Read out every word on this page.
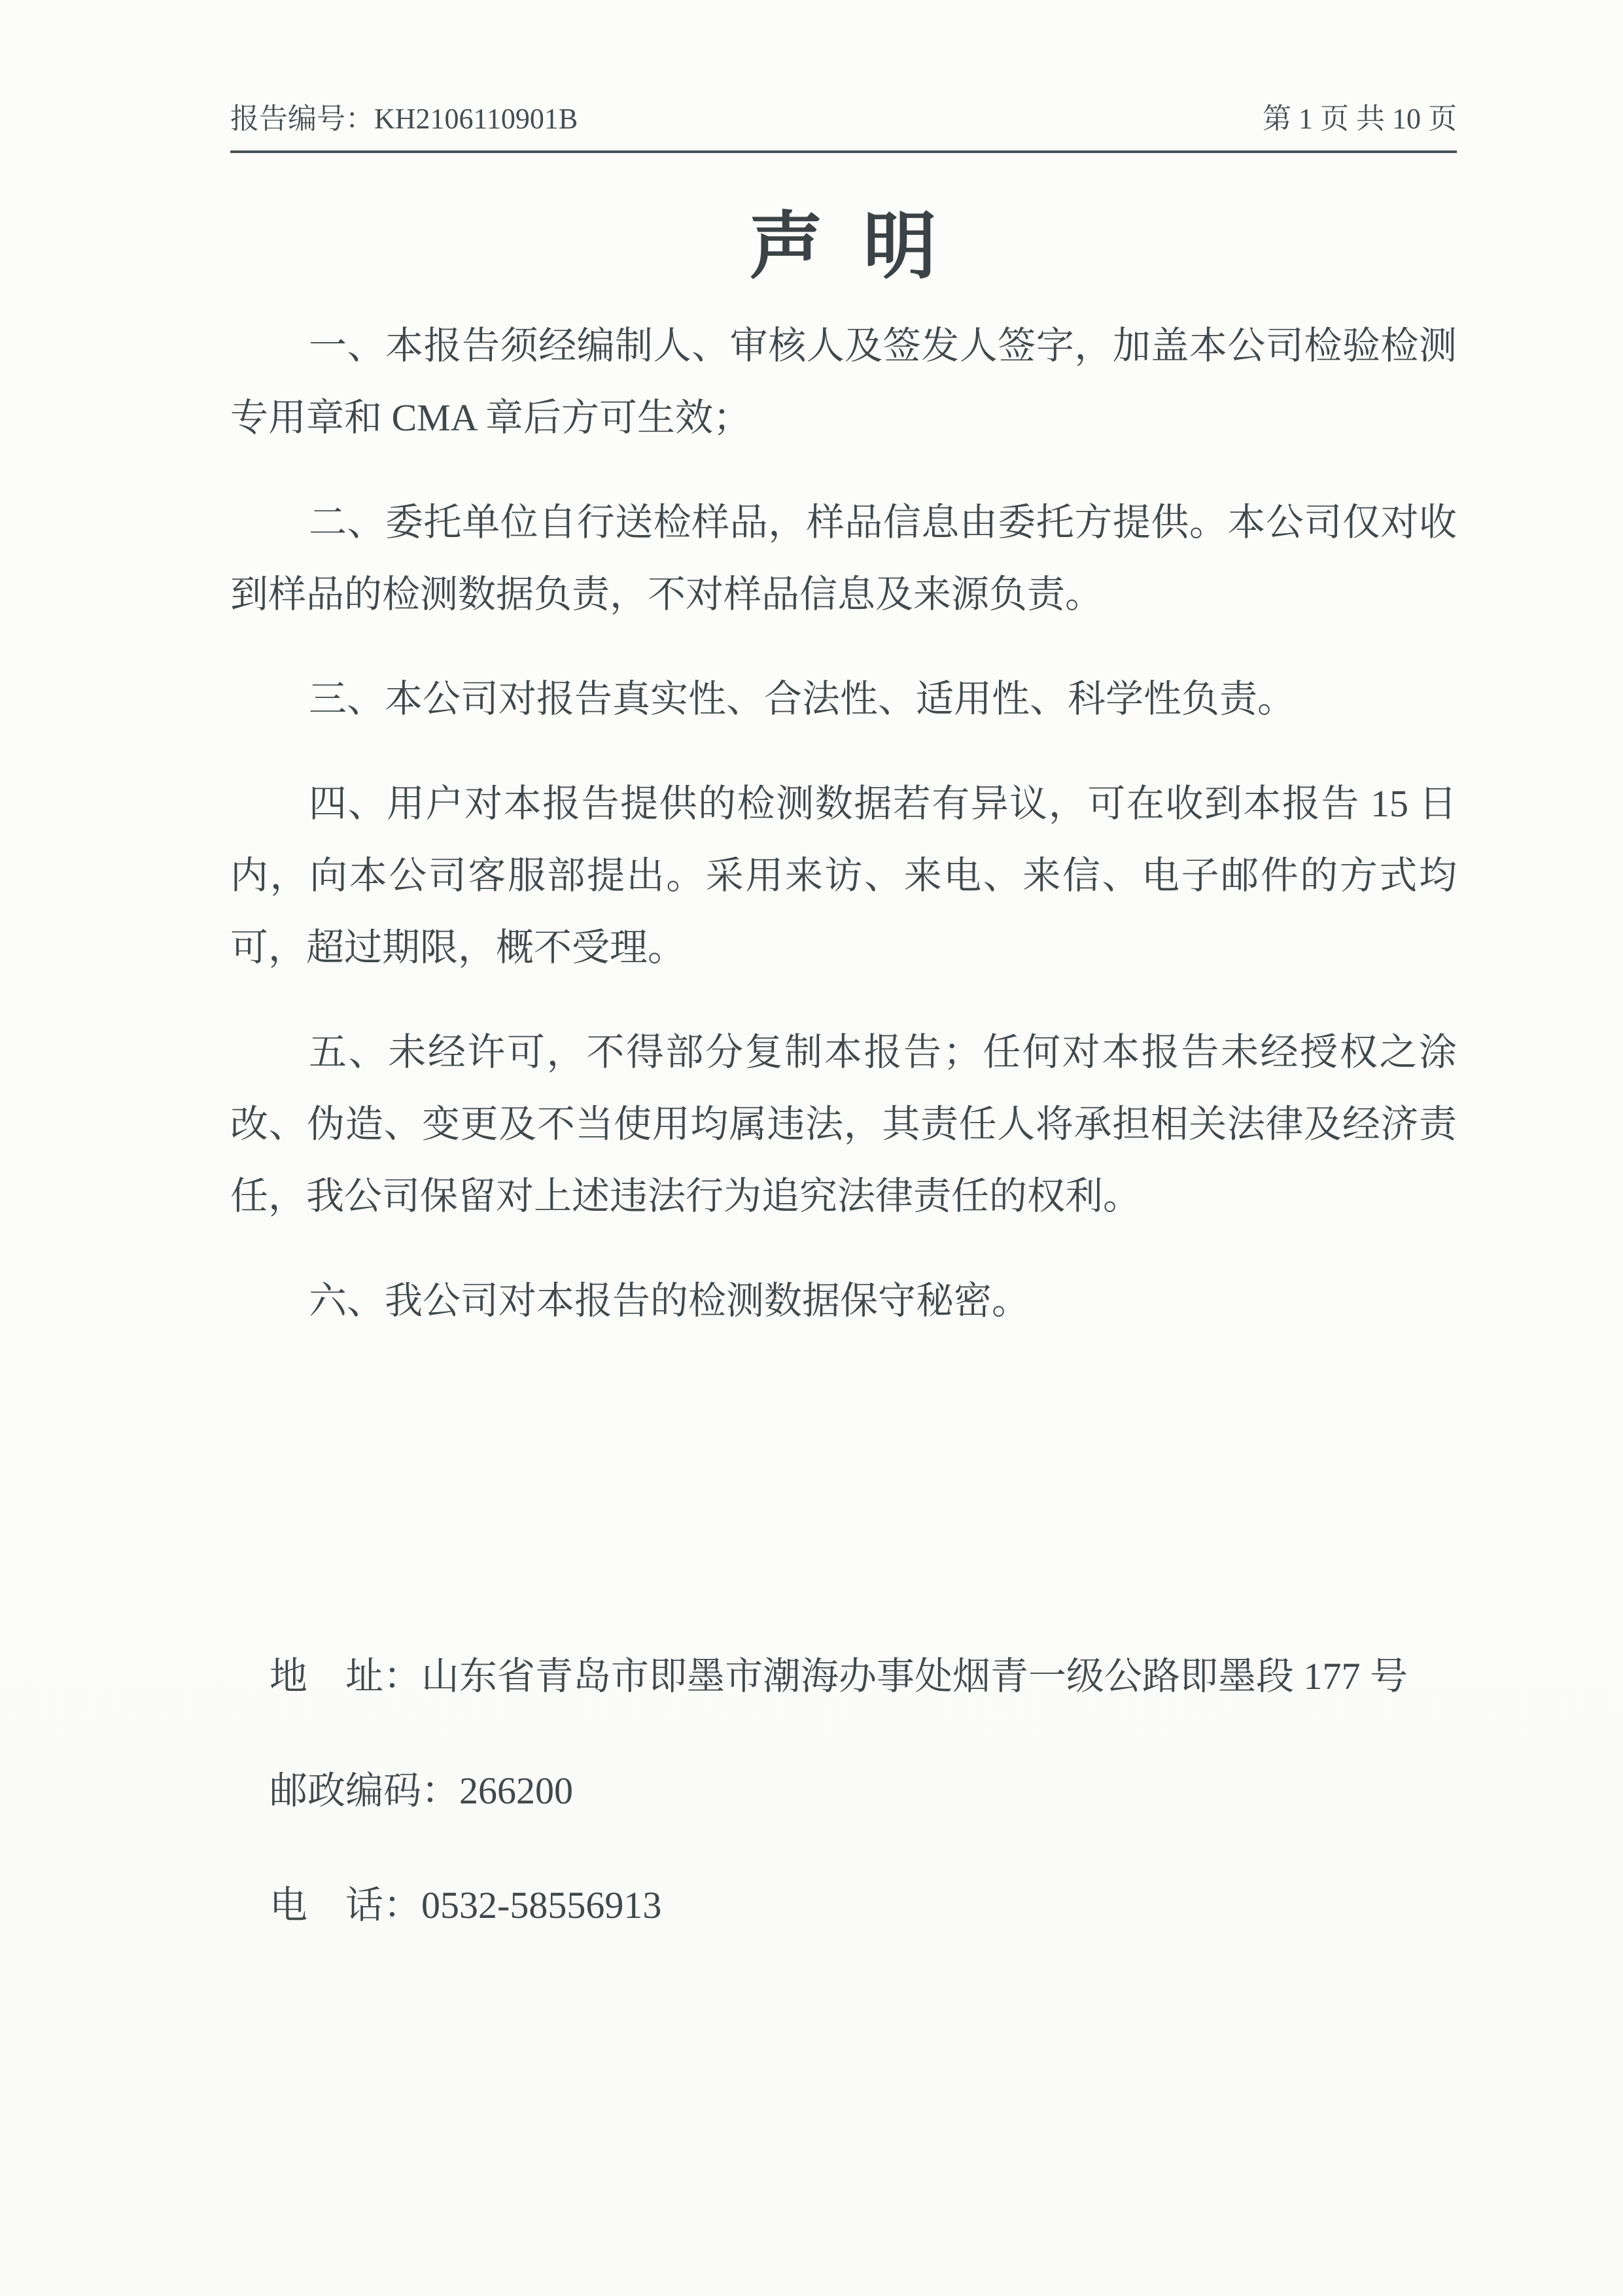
报告编号：KH2106110901B	第 1 页 共 10 页
声 明

一、本报告须经编制人、审核人及签发人签字，加盖本公司检验检测
专用章和 CMA 章后方可生效；

二、委托单位自行送检样品，样品信息由委托方提供。本公司仅对收
到样品的检测数据负责，不对样品信息及来源负责。

三、本公司对报告真实性、合法性、适用性、科学性负责。

四、用户对本报告提供的检测数据若有异议，可在收到本报告 15 日
内，向本公司客服部提出。采用来访、来电、来信、电子邮件的方式均
可，超过期限，概不受理。

五、未经许可，不得部分复制本报告；任何对本报告未经授权之涂
改、伪造、变更及不当使用均属违法，其责任人将承担相关法律及经济责
任，我公司保留对上述违法行为追究法律责任的权利。

六、我公司对本报告的检测数据保守秘密。

地　址：山东省青岛市即墨市潮海办事处烟青一级公路即墨段 177 号
邮政编码：266200
电　话：0532-58556913
